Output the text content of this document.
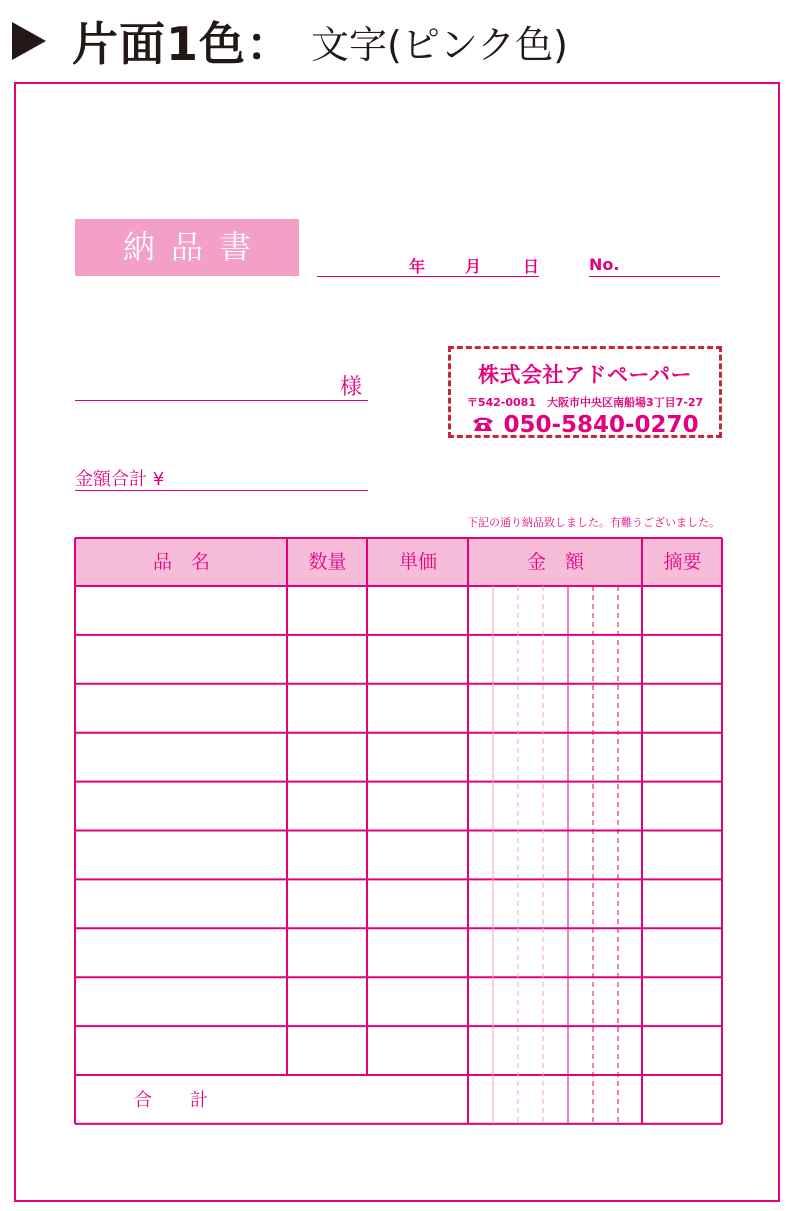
片面1色： 文字(ピンク色)
納品書
年 月	日	No.
様
金額合計 ¥
株式会社アドペーパー
〒542-0081　大阪市中央区南船場3丁目7-27
050-5840-0270
下記の通り納品致しました。有難うございました。
品　名	数量	単価	金　額	摘要
合計
